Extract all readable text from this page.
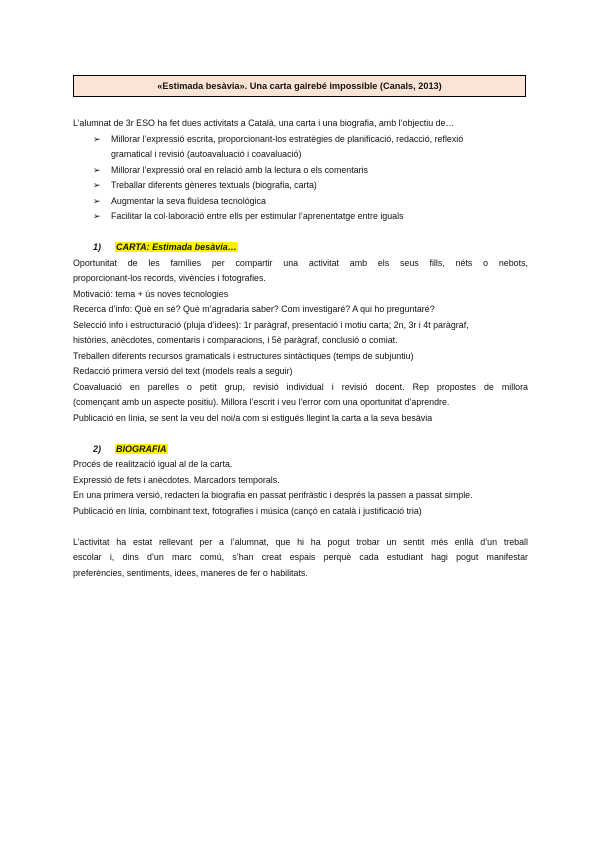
«Estimada besàvia». Una carta gairebé impossible (Canals, 2013)
L’alumnat de 3r ESO ha fet dues activitats a Català, una carta i una biografia, amb l’objectiu de…
➢ Millorar l’expressió escrita, proporcionant-los estratègies de planificació, redacció, reflexió
gramatical i revisió (autoavaluació i coavaluació)
➢ Millorar l’expressió oral en relació amb la lectura o els comentaris
➢ Treballar diferents gèneres textuals (biografia, carta)
➢ Augmentar la seva fluïdesa tecnològica
➢ Facilitar la col·laboració entre ells per estimular l’aprenentatge entre iguals
1) CARTA: Estimada besàvia…
Oportunitat de les famílies per compartir una activitat amb els seus fills, néts o nebots,
proporcionant-los records, vivències i fotografies.
Motivació: tema + ús noves tecnologies
Recerca d’info: Què en sé? Què m’agradaria saber? Com investigaré? A qui ho preguntaré?
Selecció info i estructuració (pluja d’idees): 1r paràgraf, presentació i motiu carta; 2n, 3r i 4t paràgraf,
històries, anècdotes, comentaris i comparacions, i 5è paràgraf, conclusió o comiat.
Treballen diferents recursos gramaticals i estructures sintàctiques (temps de subjuntiu)
Redacció primera versió del text (models reals a seguir)
Coavaluació en parelles o petit grup, revisió individual i revisió docent. Rep propostes de millora
(començant amb un aspecte positiu). Millora l’escrit i veu l’error com una oportunitat d’aprendre.
Publicació en línia, se sent la veu del noi/a com si estigués llegint la carta a la seva besàvia
2) BIOGRAFIA
Procés de realització igual al de la carta.
Expressió de fets i anècdotes. Marcadors temporals.
En una primera versió, redacten la biografia en passat perifràstic i després la passen a passat simple.
Publicació en línia, combinant text, fotografies i música (cançó en català i justificació tria)
L’activitat ha estat rellevant per a l’alumnat, que hi ha pogut trobar un sentit més enllà d’un treball
escolar i, dins d’un marc comú, s’han creat espais perquè cada estudiant hagi pogut manifestar
preferències, sentiments, idees, maneres de fer o habilitats.
